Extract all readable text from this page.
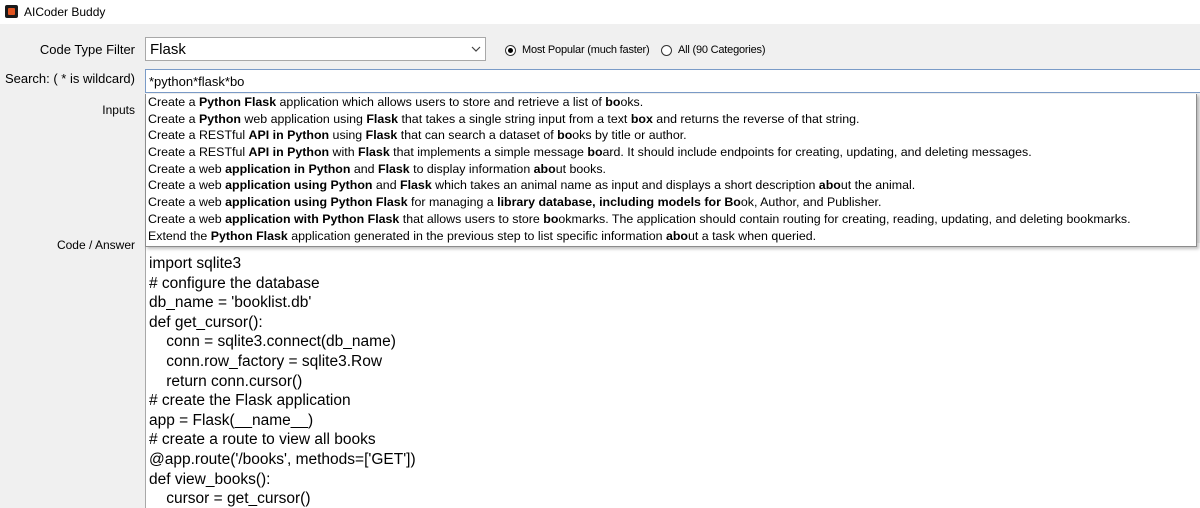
AICoder Buddy
Code Type Filter Flask	Most Popular (much faster)	All (90 Categories)
Search: ( * is wildcard) *python*flask*bo
Inputs
Create a Python Flask application which allows users to store and retrieve a list of books.
Create a Python web application using Flask that takes a single string input from a text box and returns the reverse of that string.
Create a RESTful API in Python using Flask that can search a dataset of books by title or author.
Create a RESTful API in Python with Flask that implements a simple message board. It should include endpoints for creating, updating, and deleting messages.
Create a web application in Python and Flask to display information about books.
Create a web application using Python and Flask which takes an animal name as input and displays a short description about the animal.
Create a web application using Python Flask for managing a library database, including models for Book, Author, and Publisher.
Create a web application with Python Flask that allows users to store bookmarks. The application should contain routing for creating, reading, updating, and deleting bookmarks.
Extend the Python Flask application generated in the previous step to list specific information about a task when queried.
Code / Answer
import sqlite3
# configure the database
db_name = 'booklist.db'
def get_cursor():
conn = sqlite3.connect(db_name)
conn.row_factory = sqlite3.Row
return conn.cursor()
# create the Flask application
app = Flask(__name__)
# create a route to view all books
@app.route('/books', methods=['GET'])
def view_books():
cursor = get_cursor()
